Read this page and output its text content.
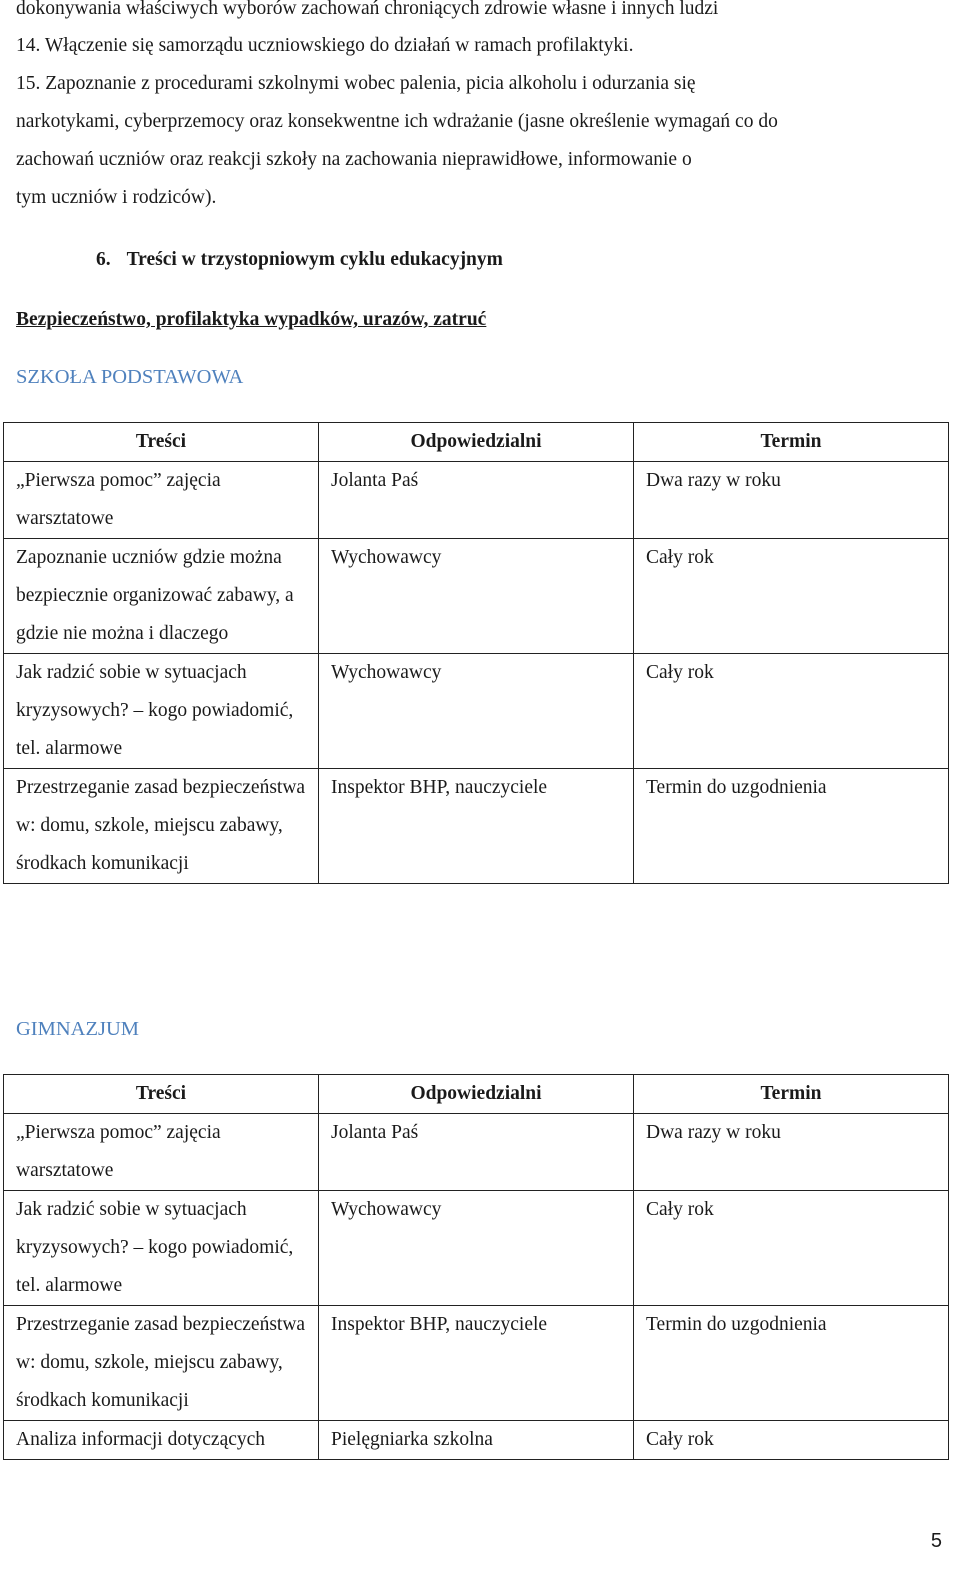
dokonywania właściwych wyborów zachowań chroniących zdrowie własne i innych ludzi
14. Włączenie się samorządu uczniowskiego do działań w ramach profilaktyki.
15. Zapoznanie z procedurami szkolnymi wobec palenia, picia alkoholu i odurzania się
narkotykami, cyberprzemocy oraz konsekwentne ich wdrażanie (jasne określenie wymagań co do
zachowań uczniów oraz reakcji szkoły na zachowania nieprawidłowe, informowanie o
tym uczniów i rodziców).
6. Treści w trzystopniowym cyklu edukacyjnym
Bezpieczeństwo, profilaktyka wypadków, urazów, zatruć
SZKOŁA PODSTAWOWA
Treści	Odpowiedzialni	Termin
„Pierwsza pomoc” zajęcia warsztatowe	Jolanta Paś	Dwa razy w roku
Zapoznanie uczniów gdzie można bezpiecznie organizować zabawy, a gdzie nie można i dlaczego	Wychowawcy	Cały rok
Jak radzić sobie w sytuacjach kryzysowych? – kogo powiadomić, tel. alarmowe	Wychowawcy	Cały rok
Przestrzeganie zasad bezpieczeństwa w: domu, szkole, miejscu zabawy, środkach komunikacji	Inspektor BHP, nauczyciele	Termin do uzgodnienia
GIMNAZJUM
Treści	Odpowiedzialni	Termin
„Pierwsza pomoc” zajęcia warsztatowe	Jolanta Paś	Dwa razy w roku
Jak radzić sobie w sytuacjach kryzysowych? – kogo powiadomić, tel. alarmowe	Wychowawcy	Cały rok
Przestrzeganie zasad bezpieczeństwa w: domu, szkole, miejscu zabawy, środkach komunikacji	Inspektor BHP, nauczyciele	Termin do uzgodnienia
Analiza informacji dotyczących	Pielęgniarka szkolna	Cały rok
5
